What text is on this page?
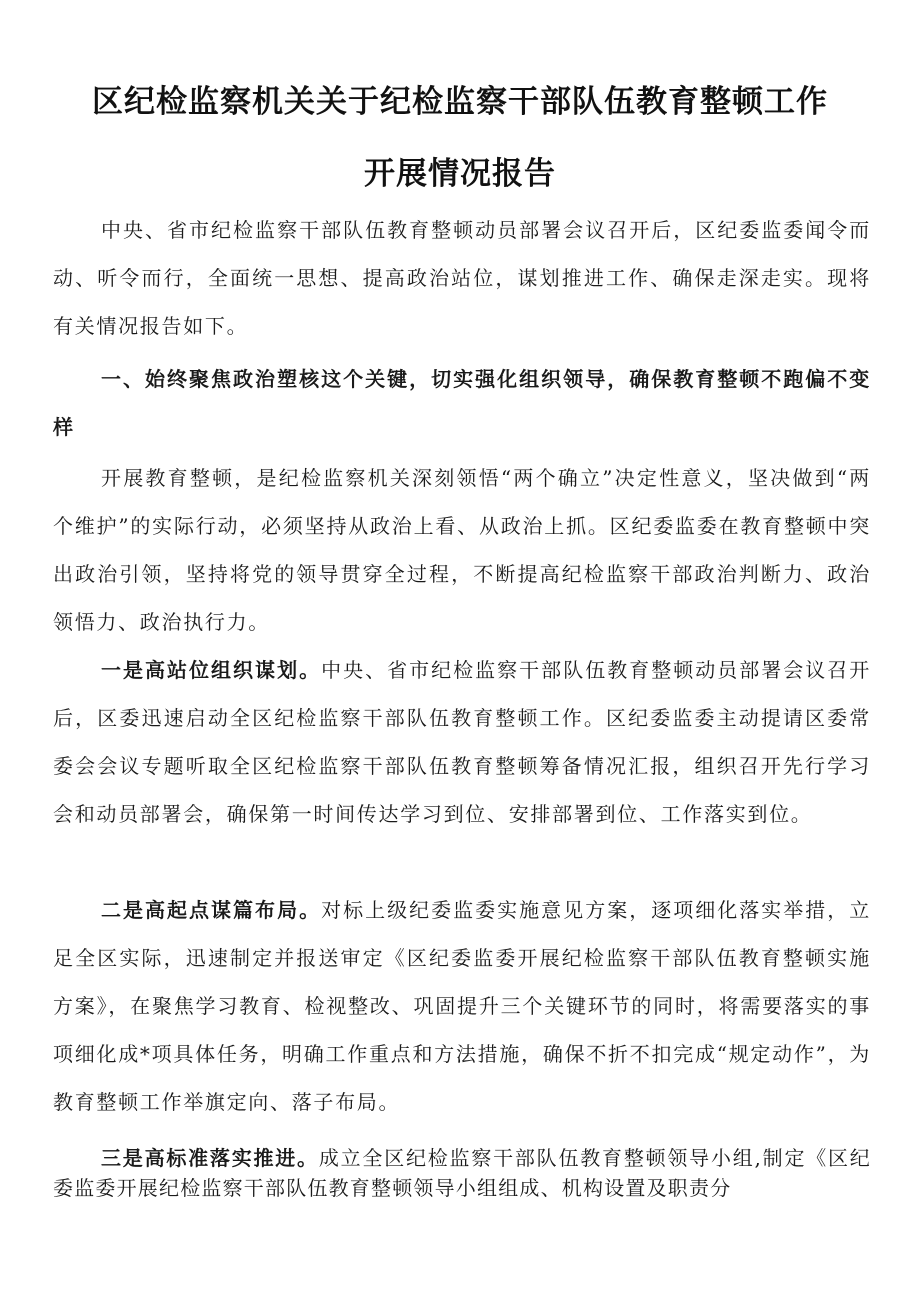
区纪检监察机关关于纪检监察干部队伍教育整顿工作
开展情况报告

中央、省市纪检监察干部队伍教育整顿动员部署会议召开后，区纪委监委闻令而动、听令而行，全面统一思想、提高政治站位，谋划推进工作、确保走深走实。现将有关情况报告如下。

一、始终聚焦政治塑核这个关键，切实强化组织领导，确保教育整顿不跑偏不变样

开展教育整顿，是纪检监察机关深刻领悟“两个确立”决定性意义，坚决做到“两个维护”的实际行动，必须坚持从政治上看、从政治上抓。区纪委监委在教育整顿中突出政治引领，坚持将党的领导贯穿全过程，不断提高纪检监察干部政治判断力、政治领悟力、政治执行力。

一是高站位组织谋划。中央、省市纪检监察干部队伍教育整顿动员部署会议召开后，区委迅速启动全区纪检监察干部队伍教育整顿工作。区纪委监委主动提请区委常委会会议专题听取全区纪检监察干部队伍教育整顿筹备情况汇报，组织召开先行学习会和动员部署会，确保第一时间传达学习到位、安排部署到位、工作落实到位。

二是高起点谋篇布局。对标上级纪委监委实施意见方案，逐项细化落实举措，立足全区实际，迅速制定并报送审定《区纪委监委开展纪检监察干部队伍教育整顿实施方案》，在聚焦学习教育、检视整改、巩固提升三个关键环节的同时，将需要落实的事项细化成*项具体任务，明确工作重点和方法措施，确保不折不扣完成“规定动作”，为教育整顿工作举旗定向、落子布局。

三是高标准落实推进。成立全区纪检监察干部队伍教育整顿领导小组,制定《区纪委监委开展纪检监察干部队伍教育整顿领导小组组成、机构设置及职责分
